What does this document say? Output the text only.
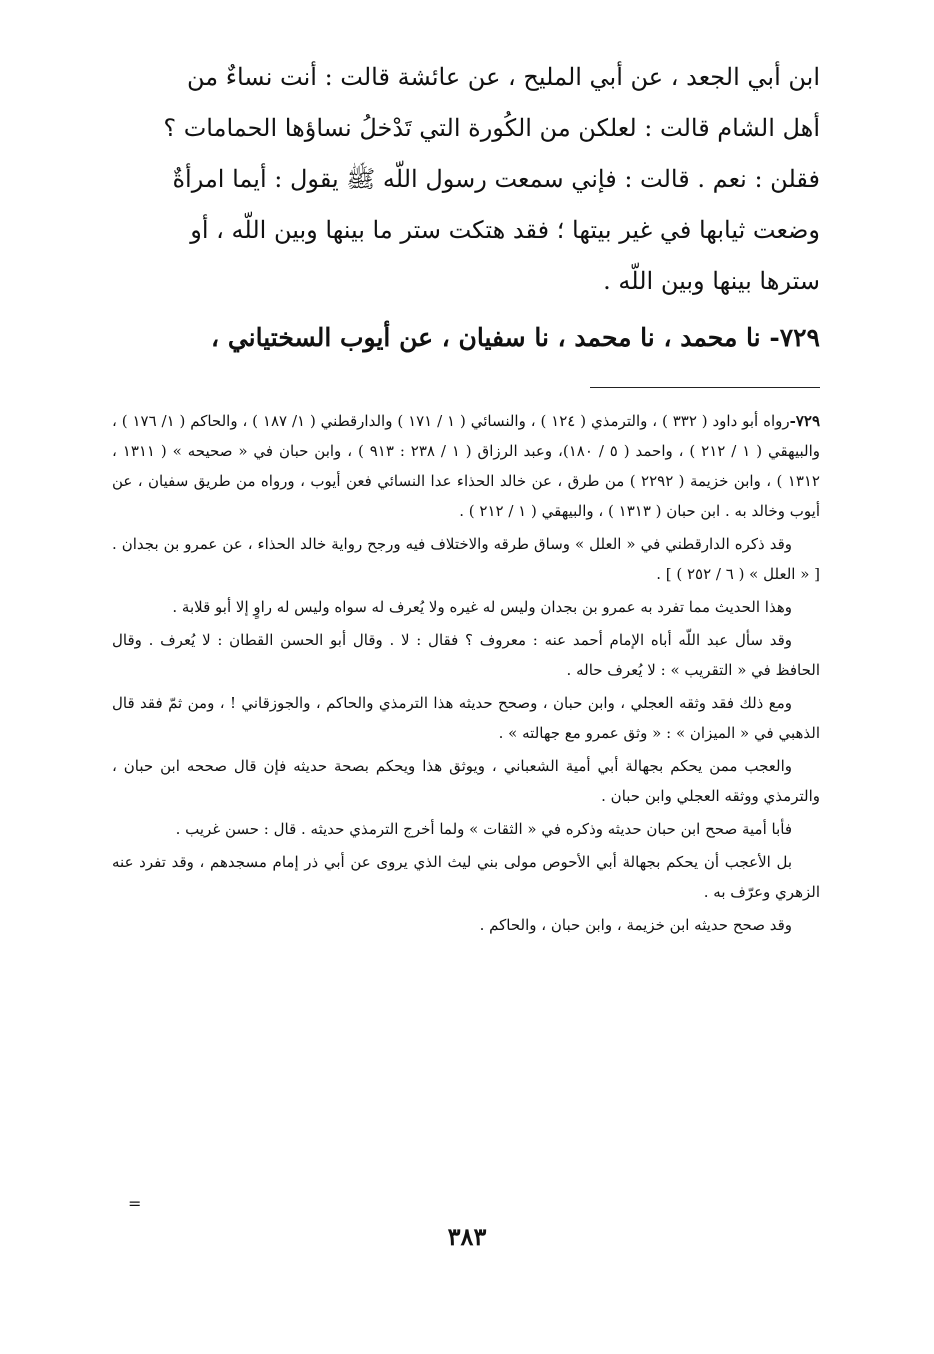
ابن أبي الجعد ، عن أبي المليح ، عن عائشة قالت : أنت نساءٌ من

أهل الشام قالت : لعلكن من الكُورة التي تَدْخلُ نساؤها الحمامات ؟

فقلن : نعم . قالت : فإني سمعت رسول اللّه ﷺ يقول : أيما امرأةٌ

وضعت ثيابها في غير بيتها ؛ فقد هتكت ستر ما بينها وبين اللّه ، أو

سترها بينها وبين اللّه .

٧٢٩- نا محمد ، نا محمد ، نا سفيان ، عن أيوب السختياني ،

٧٢٩-رواه أبو داود ( ٣٣٢ ) ، والترمذي ( ١٢٤ ) ، والنسائي ( ١ / ١٧١ ) والدارقطني ( ١/ ١٨٧ ) ، والحاكم ( ١/ ١٧٦ ) ، والبيهقي ( ١ / ٢١٢ ) ، واحمد ( ٥ / ١٨٠)، وعبد الرزاق ( ١ / ٢٣٨ : ٩١٣ ) ، وابن حبان في « صحيحه » ( ١٣١١ ، ١٣١٢ ) ، وابن خزيمة ( ٢٢٩٢ ) من طرق ، عن خالد الحذاء عدا النسائي فعن أيوب ، ورواه من طريق سفيان ، عن أيوب وخالد به . ابن حبان ( ١٣١٣ ) ، والبيهقي ( ١ / ٢١٢ ) .

وقد ذكره الدارقطني في « العلل » وساق طرقه والاختلاف فيه ورجح رواية خالد الحذاء ، عن عمرو بن بجدان . [ « العلل » ( ٦ / ٢٥٢ ) ] .

وهذا الحديث مما تفرد به عمرو بن بجدان وليس له غيره ولا يُعرف له سواه وليس له راوٍ إلا أبو قلابة .

وقد سأل عبد اللّه أباه الإمام أحمد عنه : معروف ؟ فقال : لا . وقال أبو الحسن القطان : لا يُعرف . وقال الحافظ في « التقريب » : لا يُعرف حاله .

ومع ذلك فقد وثقه العجلي ، وابن حبان ، وصحح حديثه هذا الترمذي والحاكم ، والجوزقاني ! ، ومن ثمّ فقد قال الذهبي في « الميزان » : « وثق عمرو مع جهالته » .

والعجب ممن يحكم بجهالة أبي أمية الشعباني ، ويوثق هذا ويحكم بصحة حديثه فإن قال صححه ابن حبان ، والترمذي ووثقه العجلي وابن حبان .

فأبا أمية صحح ابن حبان حديثه وذكره في « الثقات » ولما أخرج الترمذي حديثه . قال : حسن غريب .

بل الأعجب أن يحكم بجهالة أبي الأحوص مولى بني ليث الذي يروى عن أبي ذر إمام مسجدهم ، وقد تفرد عنه الزهري وعرّف به .

وقد صحح حديثه ابن خزيمة ، وابن حبان ، والحاكم .

=
٣٨٣
